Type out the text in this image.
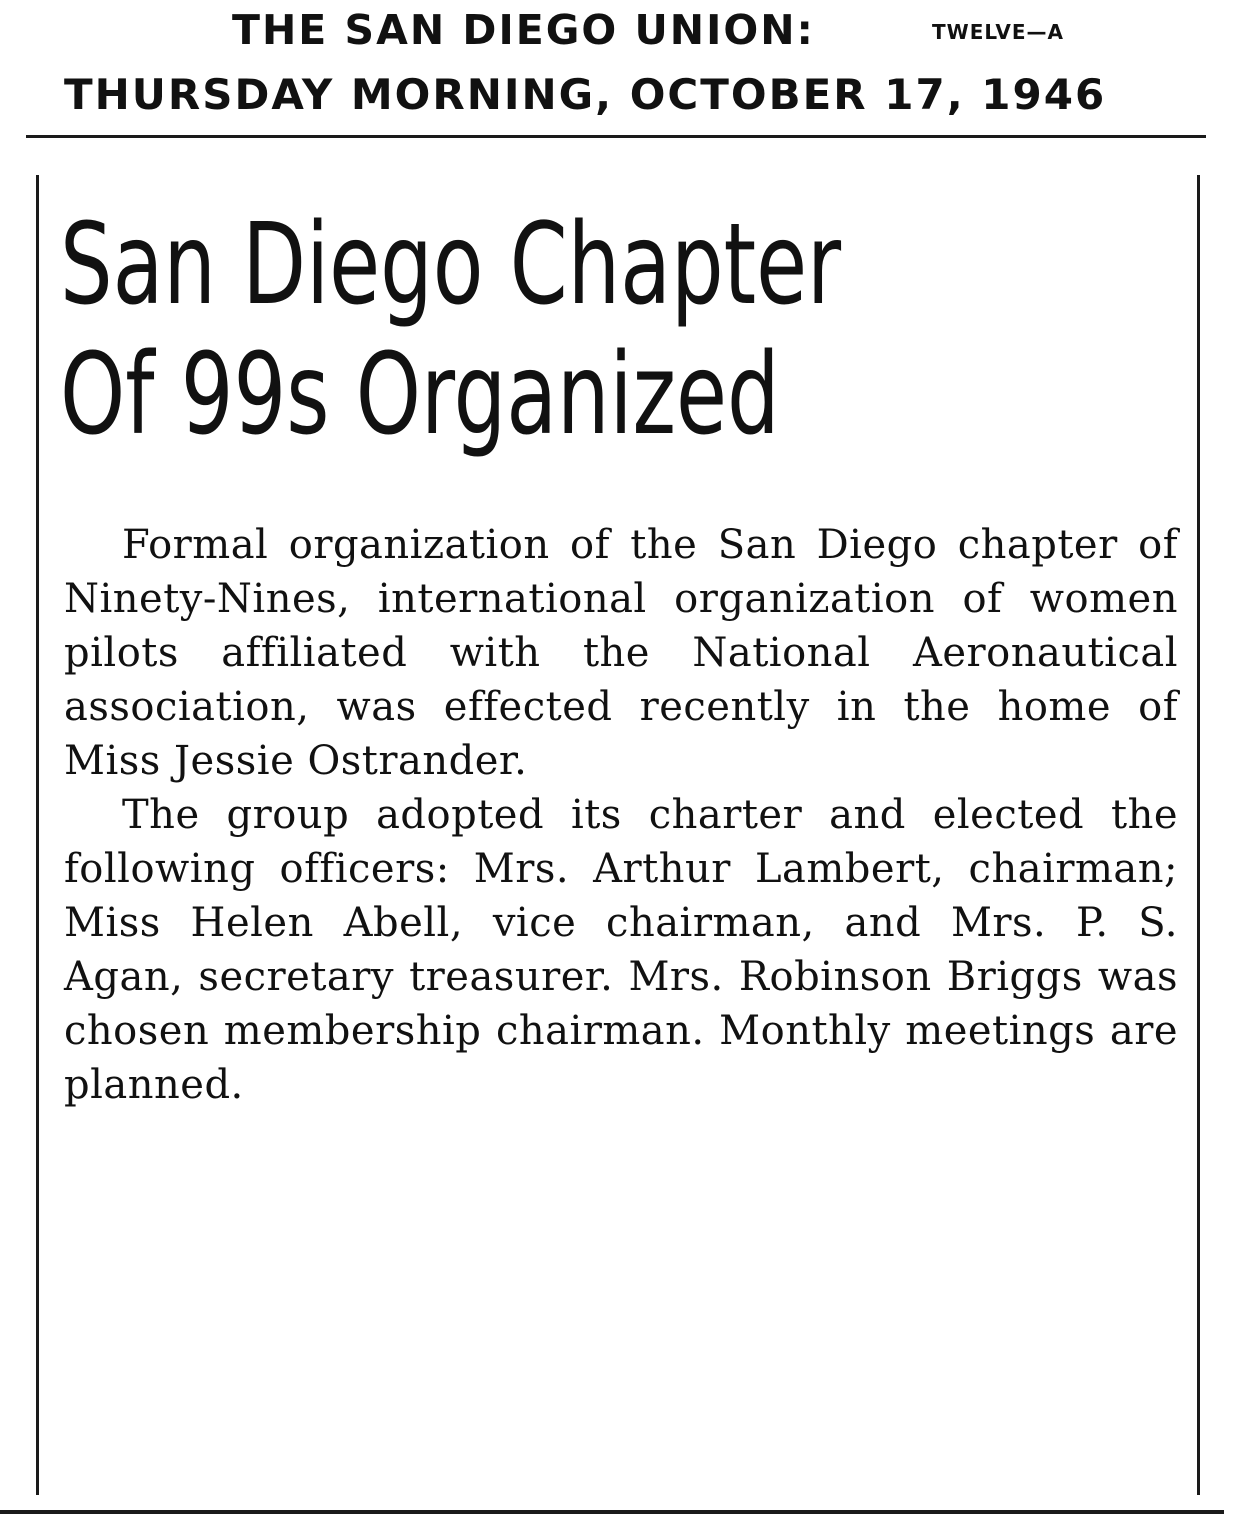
THE SAN DIEGO UNION:	TWELVE—A
THURSDAY MORNING, OCTOBER 17, 1946
San Diego Chapter
Of 99s Organized

Formal organization of the San Diego chapter of Ninety-Nines, international organization of women pilots affiliated with the National Aeronautical association, was effected recently in the home of Miss Jessie Ostrander.

The group adopted its charter and elected the following officers: Mrs. Arthur Lambert, chairman; Miss Helen Abell, vice chairman, and Mrs. P. S. Agan, secretary treasurer. Mrs. Robinson Briggs was chosen membership chairman. Monthly meetings are planned.
